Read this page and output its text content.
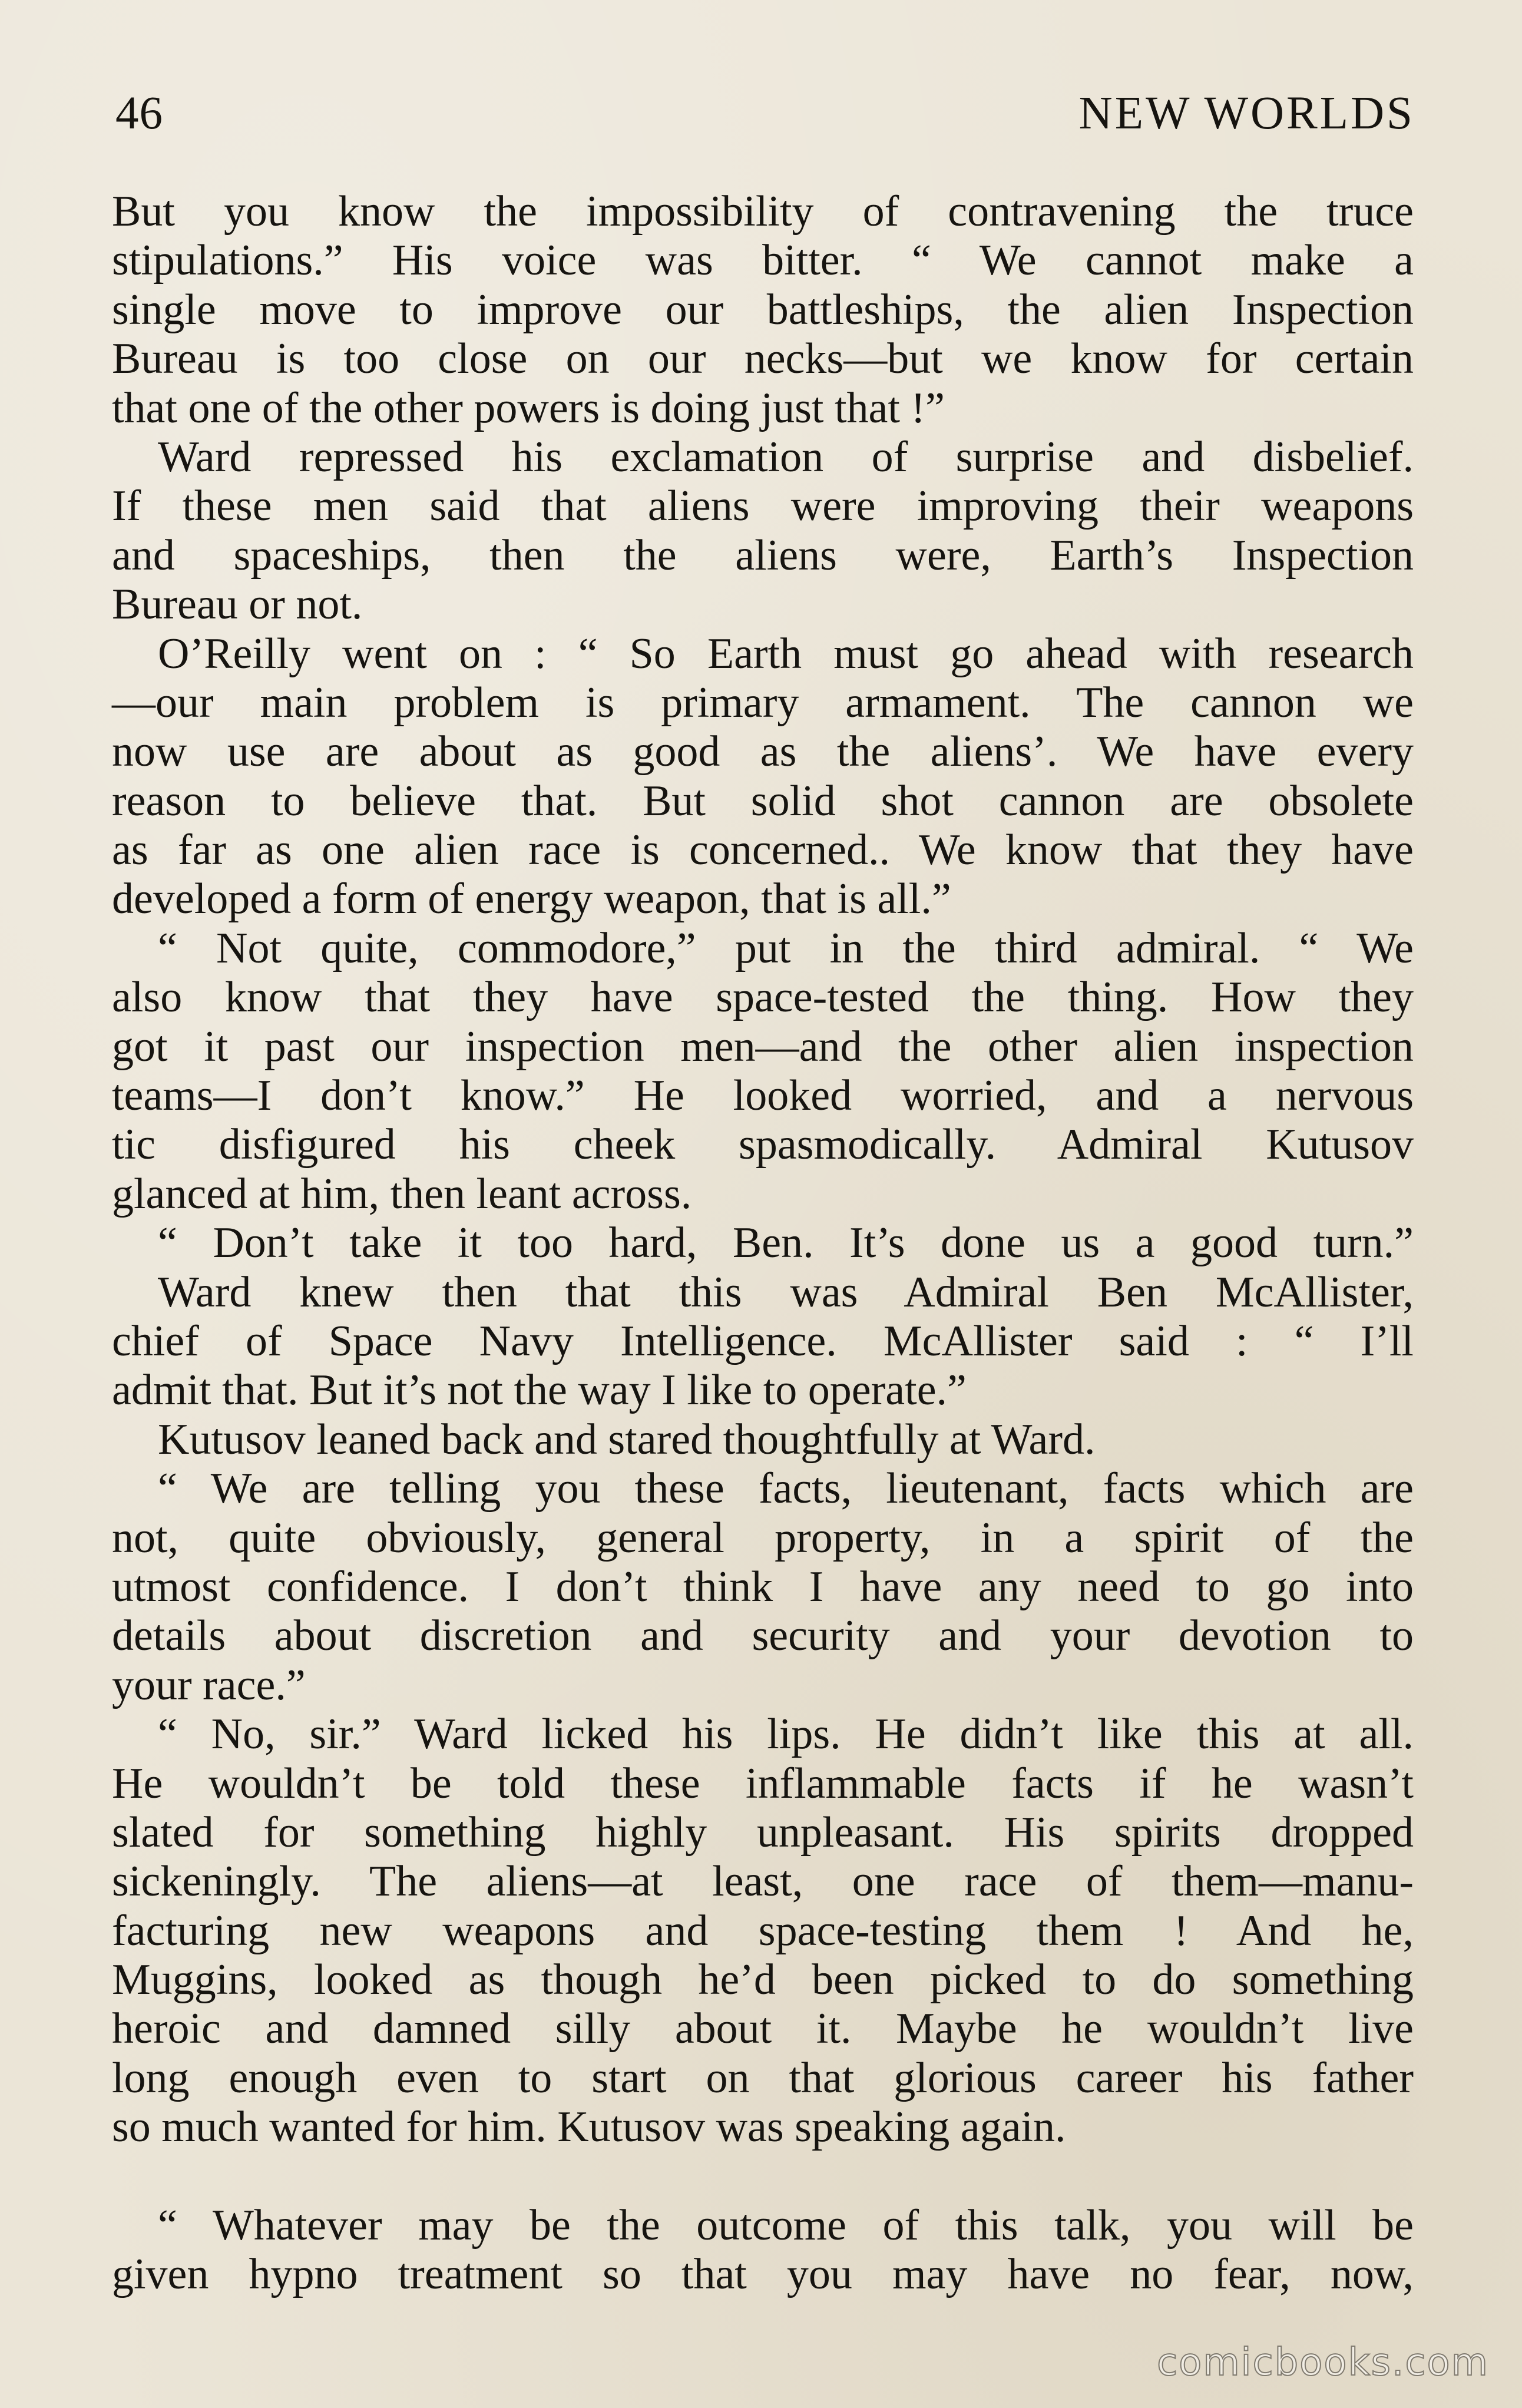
46	NEW WORLDS
But you know the impossibility of contravening the truce
stipulations.” His voice was bitter. “ We cannot make a
single move to improve our battleships, the alien Inspection
Bureau is too close on our necks—but we know for certain
that one of the other powers is doing just that !”
Ward repressed his exclamation of surprise and disbelief.
If these men said that aliens were improving their weapons
and spaceships, then the aliens were, Earth’s Inspection
Bureau or not.
O’Reilly went on : “ So Earth must go ahead with research
—our main problem is primary armament. The cannon we
now use are about as good as the aliens’. We have every
reason to believe that. But solid shot cannon are obsolete
as far as one alien race is concerned.. We know that they have
developed a form of energy weapon, that is all.”
“ Not quite, commodore,” put in the third admiral. “ We
also know that they have space-tested the thing. How they
got it past our inspection men—and the other alien inspection
teams—I don’t know.” He looked worried, and a nervous
tic disfigured his cheek spasmodically. Admiral Kutusov
glanced at him, then leant across.
“ Don’t take it too hard, Ben. It’s done us a good turn.”
Ward knew then that this was Admiral Ben McAllister,
chief of Space Navy Intelligence. McAllister said : “ I’ll
admit that. But it’s not the way I like to operate.”
Kutusov leaned back and stared thoughtfully at Ward.
“ We are telling you these facts, lieutenant, facts which are
not, quite obviously, general property, in a spirit of the
utmost confidence. I don’t think I have any need to go into
details about discretion and security and your devotion to
your race.”
“ No, sir.” Ward licked his lips. He didn’t like this at all.
He wouldn’t be told these inflammable facts if he wasn’t
slated for something highly unpleasant. His spirits dropped
sickeningly. The aliens—at least, one race of them—manu-
facturing new weapons and space-testing them ! And he,
Muggins, looked as though he’d been picked to do something
heroic and damned silly about it. Maybe he wouldn’t live
long enough even to start on that glorious career his father
so much wanted for him. Kutusov was speaking again.
“ Whatever may be the outcome of this talk, you will be
given hypno treatment so that you may have no fear, now,
comicbooks.com
